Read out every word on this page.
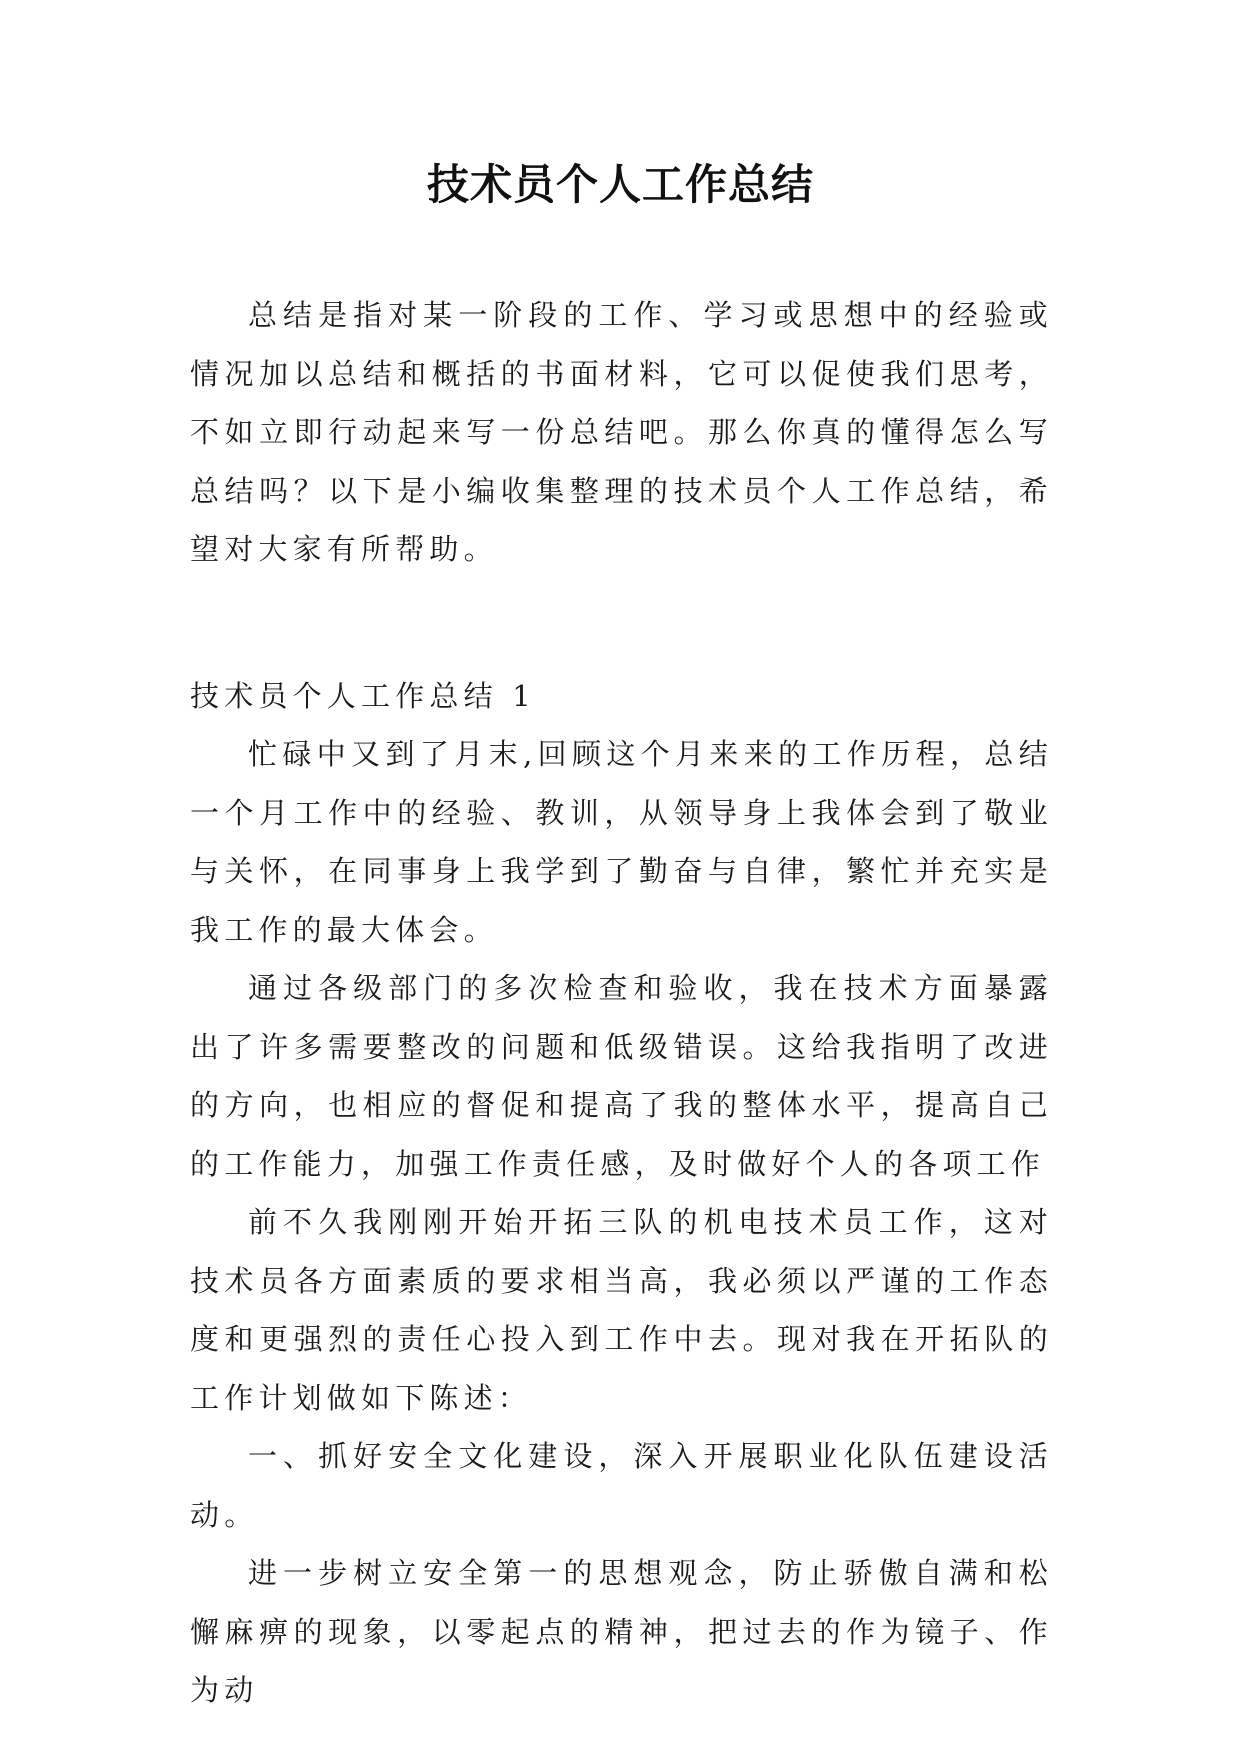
技术员个人工作总结

总结是指对某一阶段的工作、学习或思想中的经验或情况加以总结和概括的书面材料，它可以促使我们思考，不如立即行动起来写一份总结吧。那么你真的懂得怎么写总结吗？以下是小编收集整理的技术员个人工作总结，希望对大家有所帮助。

技术员个人工作总结 1

忙碌中又到了月末,回顾这个月来来的工作历程，总结一个月工作中的经验、教训，从领导身上我体会到了敬业与关怀，在同事身上我学到了勤奋与自律，繁忙并充实是我工作的最大体会。

通过各级部门的多次检查和验收，我在技术方面暴露出了许多需要整改的问题和低级错误。这给我指明了改进的方向，也相应的督促和提高了我的整体水平，提高自己的工作能力，加强工作责任感，及时做好个人的各项工作

前不久我刚刚开始开拓三队的机电技术员工作，这对技术员各方面素质的要求相当高，我必须以严谨的工作态度和更强烈的责任心投入到工作中去。现对我在开拓队的工作计划做如下陈述：

一、抓好安全文化建设，深入开展职业化队伍建设活动。

进一步树立安全第一的思想观念，防止骄傲自满和松懈麻痹的现象，以零起点的精神，把过去的作为镜子、作为动
